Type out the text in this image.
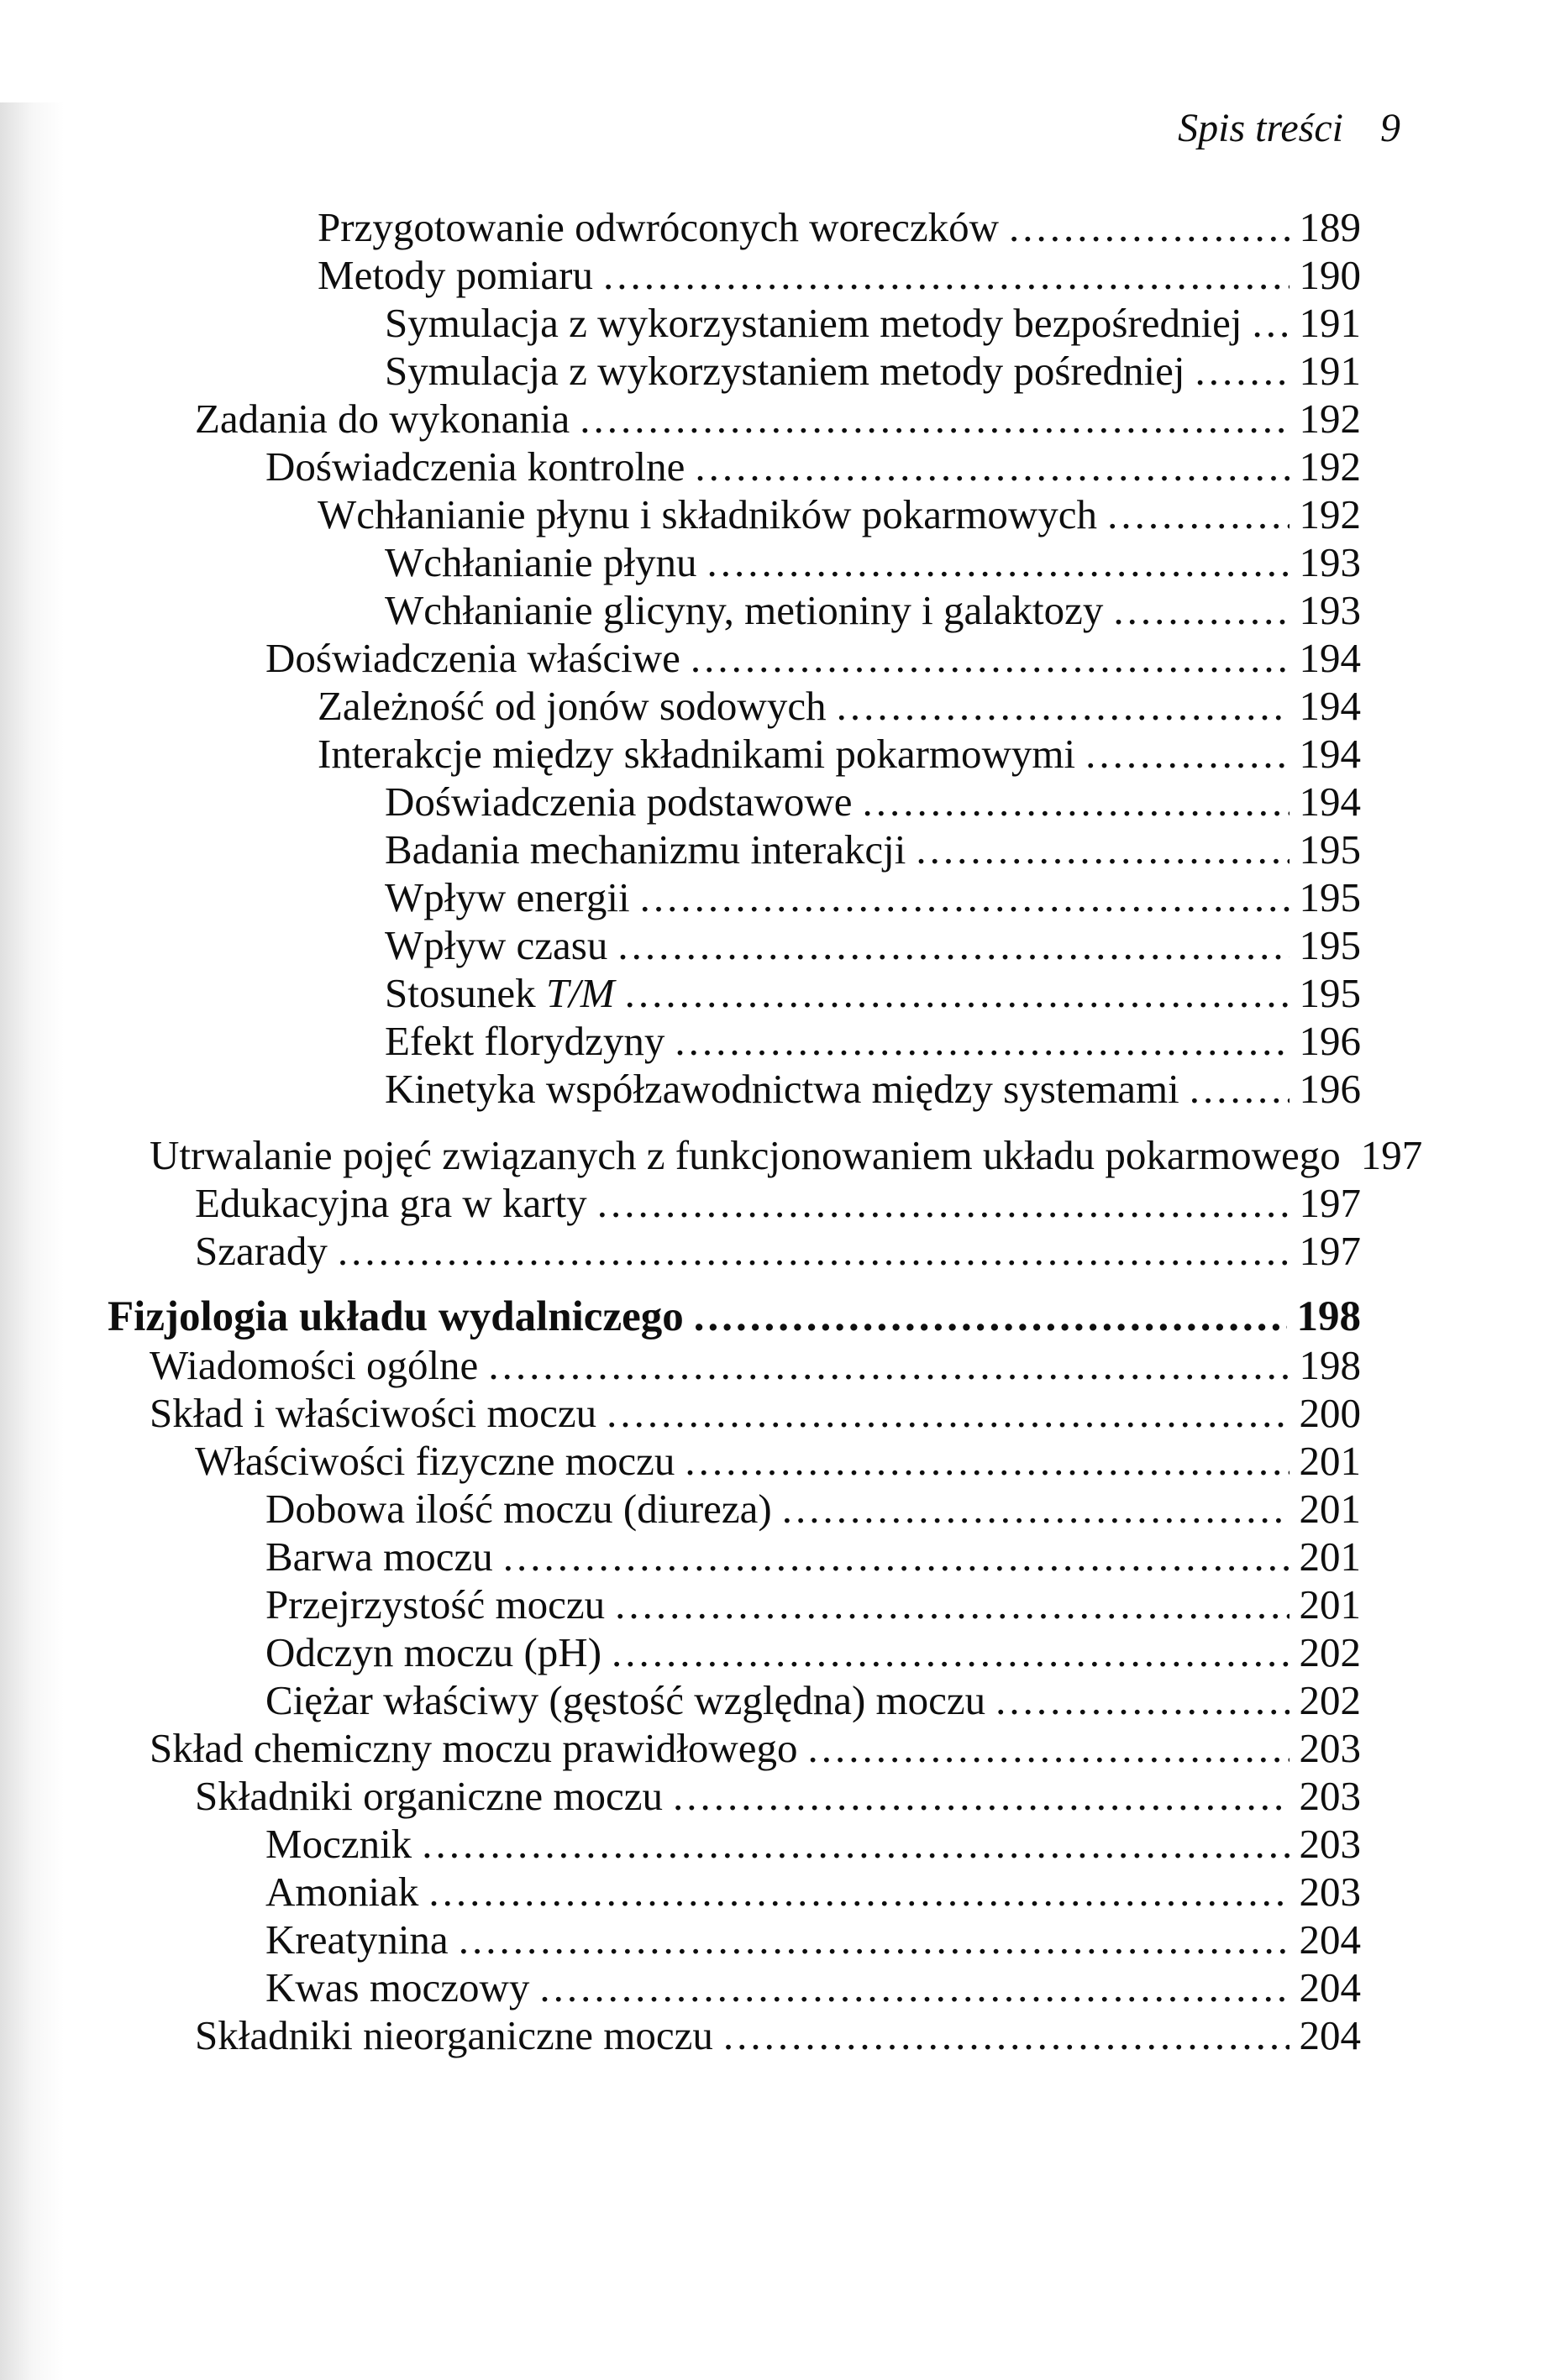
Spis treści 9
Przygotowanie odwróconych woreczków .....	189
Metody pomiaru .....	190
Symulacja z wykorzystaniem metody bezpośredniej ..... 191
Symulacja z wykorzystaniem metody pośredniej .....	191
Zadania do wykonania .....	192
Doświadczenia kontrolne .....	192
Wchłanianie płynu i składników pokarmowych .....	192
Wchłanianie płynu .....	193
Wchłanianie glicyny, metioniny i galaktozy .....	193
Doświadczenia właściwe .....	194
Zależność od jonów sodowych .....	194
Interakcje między składnikami pokarmowymi .....	194
Doświadczenia podstawowe .....	194
Badania mechanizmu interakcji .....	195
Wpływ energii .....	195
Wpływ czasu .....	195
Stosunek T/M .....	195
Efekt florydzyny .....	196
Kinetyka współzawodnictwa między systemami .....	196
Utrwalanie pojęć związanych z funkcjonowaniem układu pokarmowego ..... 197
Edukacyjna gra w karty .....	197
Szarady .....	197
Fizjologia układu wydalniczego .....	198
Wiadomości ogólne .....	198
Skład i właściwości moczu .....	200
Właściwości fizyczne moczu .....	201
Dobowa ilość moczu (diureza) .....	201
Barwa moczu .....	201
Przejrzystość moczu .....	201
Odczyn moczu (pH) .....	202
Ciężar właściwy (gęstość względna) moczu .....	202
Skład chemiczny moczu prawidłowego .....	203
Składniki organiczne moczu .....	203
Mocznik .....	203
Amoniak .....	203
Kreatynina .....	204
Kwas moczowy .....	204
Składniki nieorganiczne moczu .....	204
